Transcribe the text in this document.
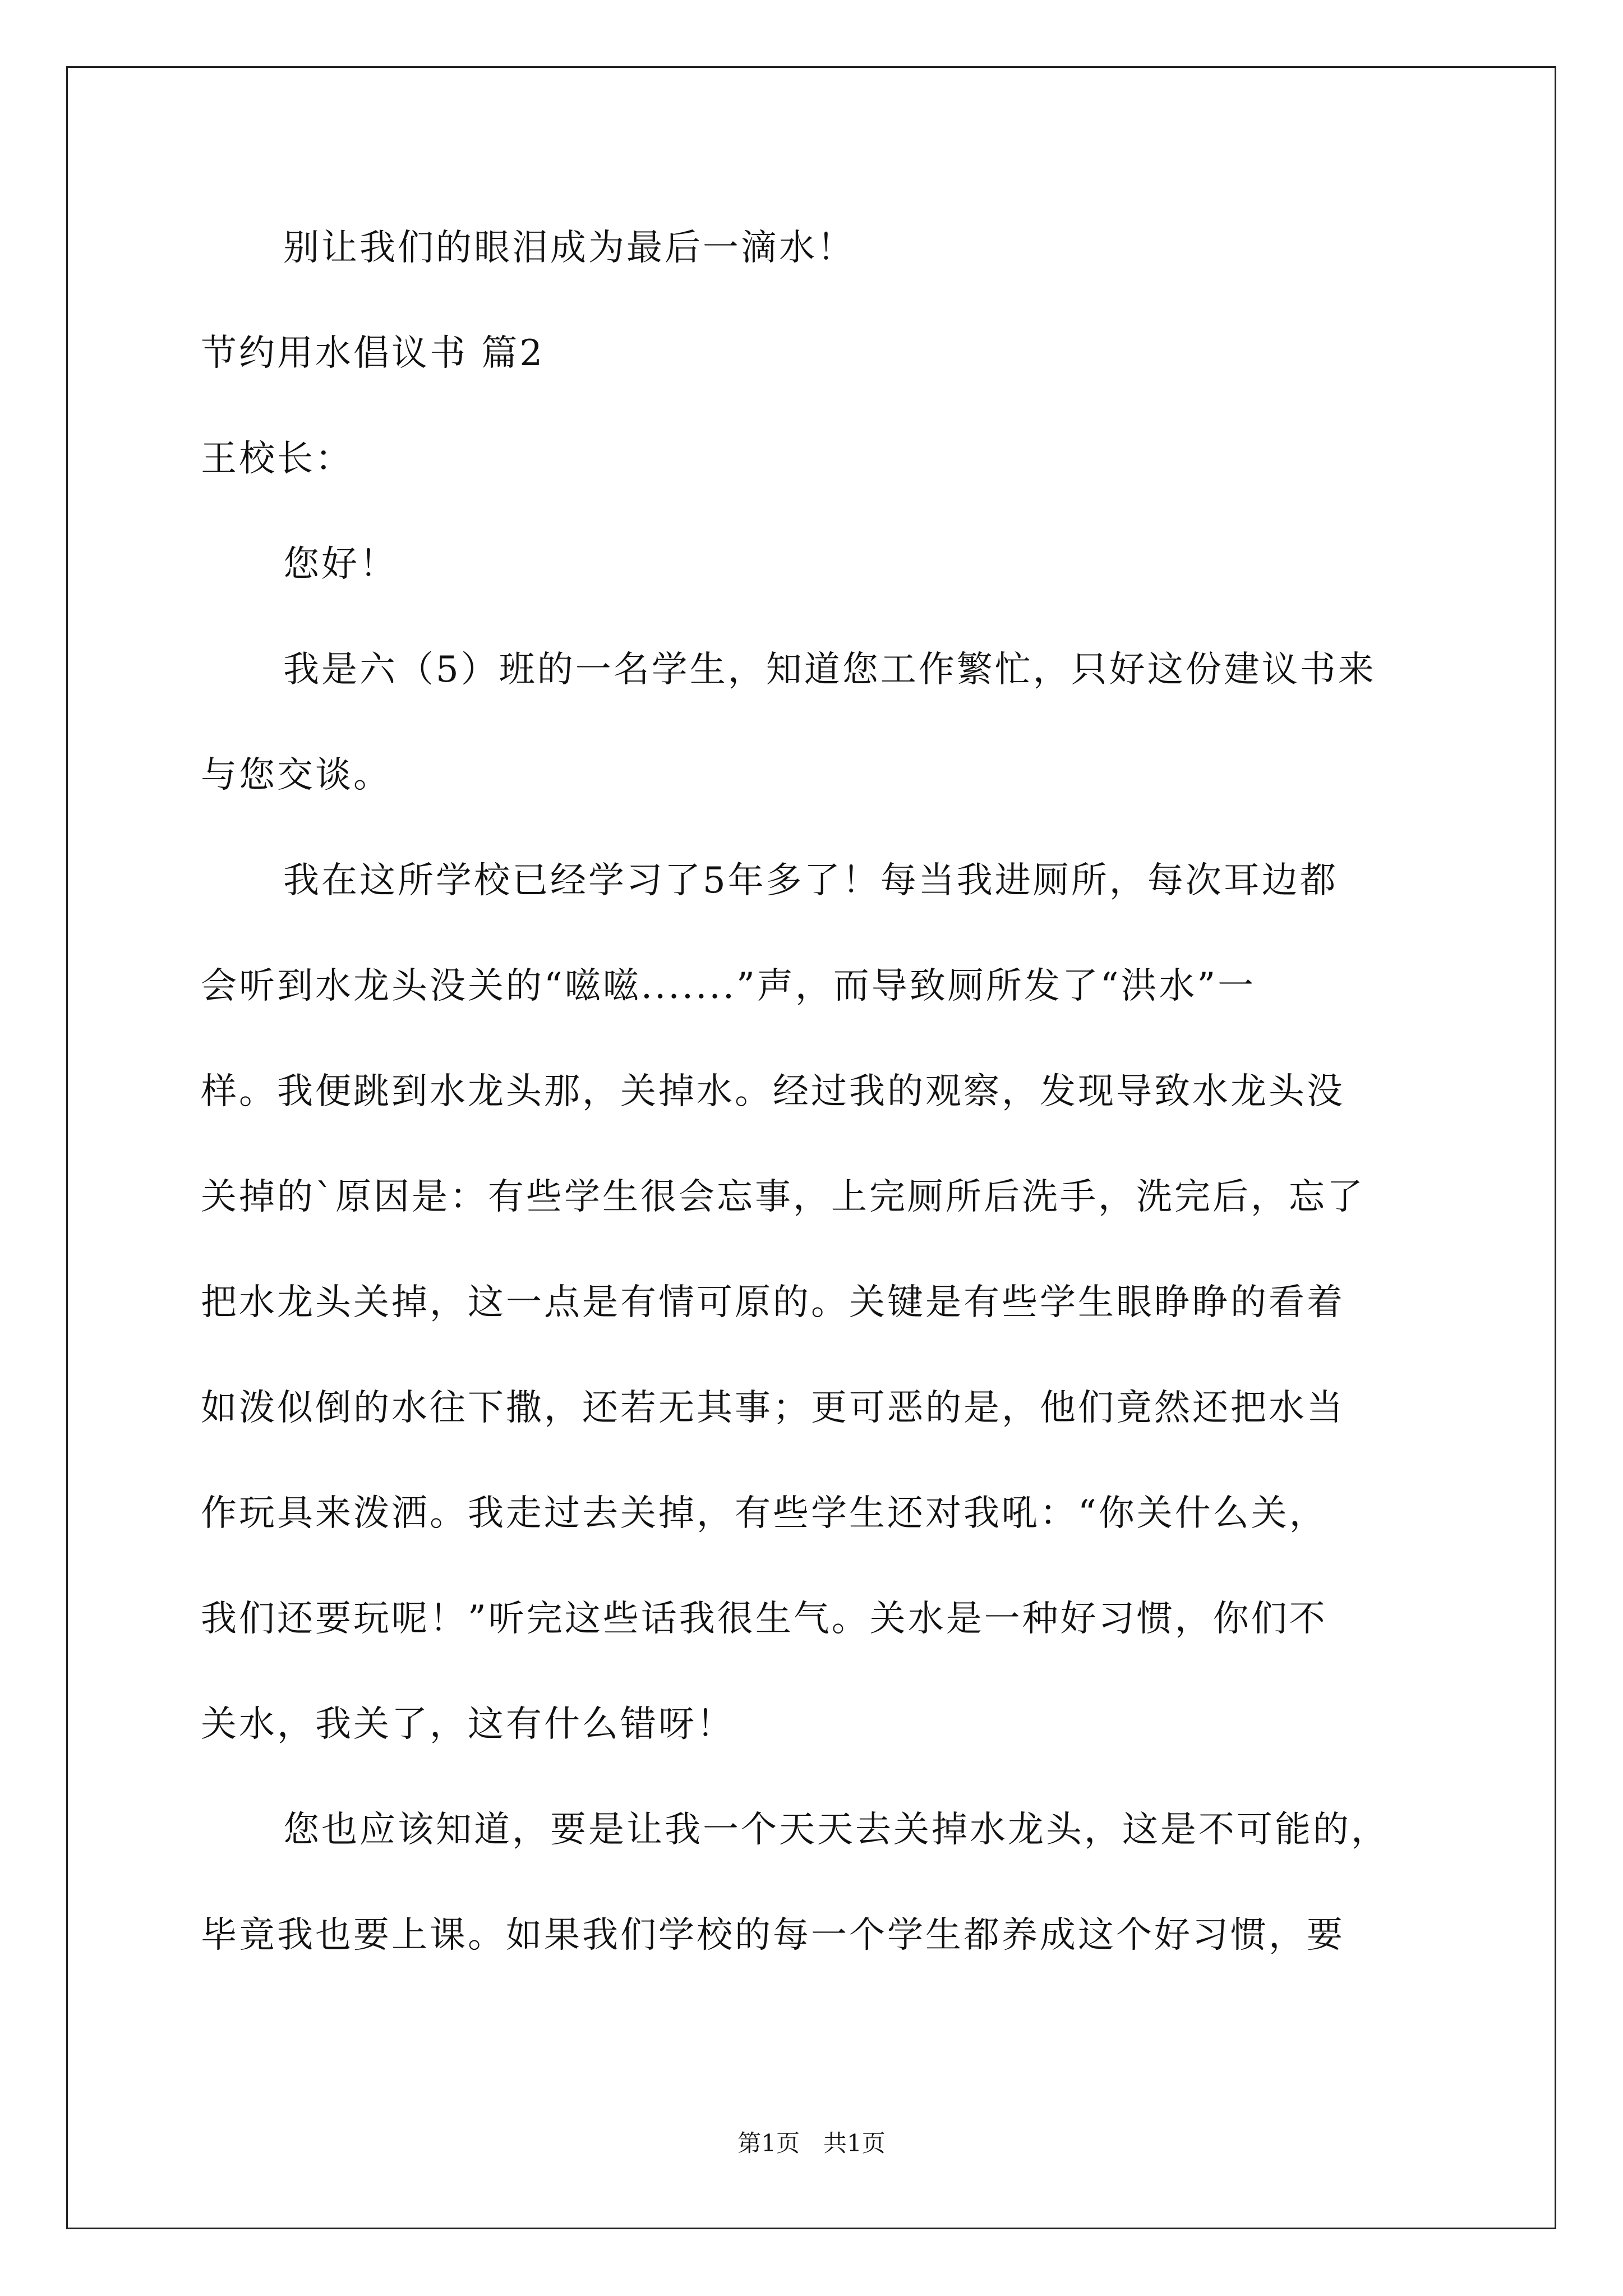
别让我们的眼泪成为最后一滴水！
节约用水倡议书 篇2
王校长：
您好！
我是六（5）班的一名学生，知道您工作繁忙，只好这份建议书来
与您交谈。
我在这所学校已经学习了5年多了！每当我进厕所，每次耳边都
会听到水龙头没关的“嗞嗞.......”声，而导致厕所发了“洪水”一
样。我便跳到水龙头那，关掉水。经过我的观察，发现导致水龙头没
关掉的`原因是：有些学生很会忘事，上完厕所后洗手，洗完后，忘了
把水龙头关掉，这一点是有情可原的。关键是有些学生眼睁睁的看着
如泼似倒的水往下撒，还若无其事；更可恶的是，他们竟然还把水当
作玩具来泼洒。我走过去关掉，有些学生还对我吼：“你关什么关，
我们还要玩呢！”听完这些话我很生气。关水是一种好习惯，你们不
关水，我关了，这有什么错呀！
您也应该知道，要是让我一个天天去关掉水龙头，这是不可能的，
毕竟我也要上课。如果我们学校的每一个学生都养成这个好习惯，要
第1页　共1页
